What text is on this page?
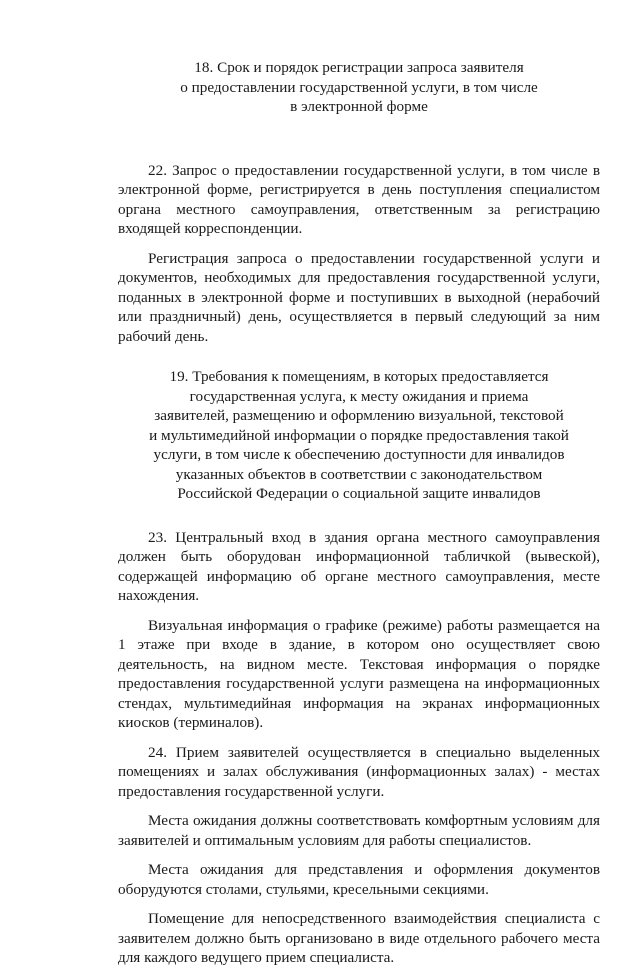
18. Срок и порядок регистрации запроса заявителя
о предоставлении государственной услуги, в том числе
в электронной форме

22. Запрос о предоставлении государственной услуги, в том числе в электронной форме, регистрируется в день поступления специалистом органа местного самоуправления, ответственным за регистрацию входящей корреспонденции.

Регистрация запроса о предоставлении государственной услуги и документов, необходимых для предоставления государственной услуги, поданных в электронной форме и поступивших в выходной (нерабочий или праздничный) день, осуществляется в первый следующий за ним рабочий день.

19. Требования к помещениям, в которых предоставляется
государственная услуга, к месту ожидания и приема
заявителей, размещению и оформлению визуальной, текстовой
и мультимедийной информации о порядке предоставления такой
услуги, в том числе к обеспечению доступности для инвалидов
указанных объектов в соответствии с законодательством
Российской Федерации о социальной защите инвалидов

23. Центральный вход в здания органа местного самоуправления должен быть оборудован информационной табличкой (вывеской), содержащей информацию об органе местного самоуправления, месте нахождения.

Визуальная информация о графике (режиме) работы размещается на 1 этаже при входе в здание, в котором оно осуществляет свою деятельность, на видном месте. Текстовая информация о порядке предоставления государственной услуги размещена на информационных стендах, мультимедийная информация на экранах информационных киосков (терминалов).

24. Прием заявителей осуществляется в специально выделенных помещениях и залах обслуживания (информационных залах) - местах предоставления государственной услуги.

Места ожидания должны соответствовать комфортным условиям для заявителей и оптимальным условиям для работы специалистов.

Места ожидания для представления и оформления документов оборудуются столами, стульями, кресельными секциями.

Помещение для непосредственного взаимодействия специалиста с заявителем должно быть организовано в виде отдельного рабочего места для каждого ведущего прием специалиста.
